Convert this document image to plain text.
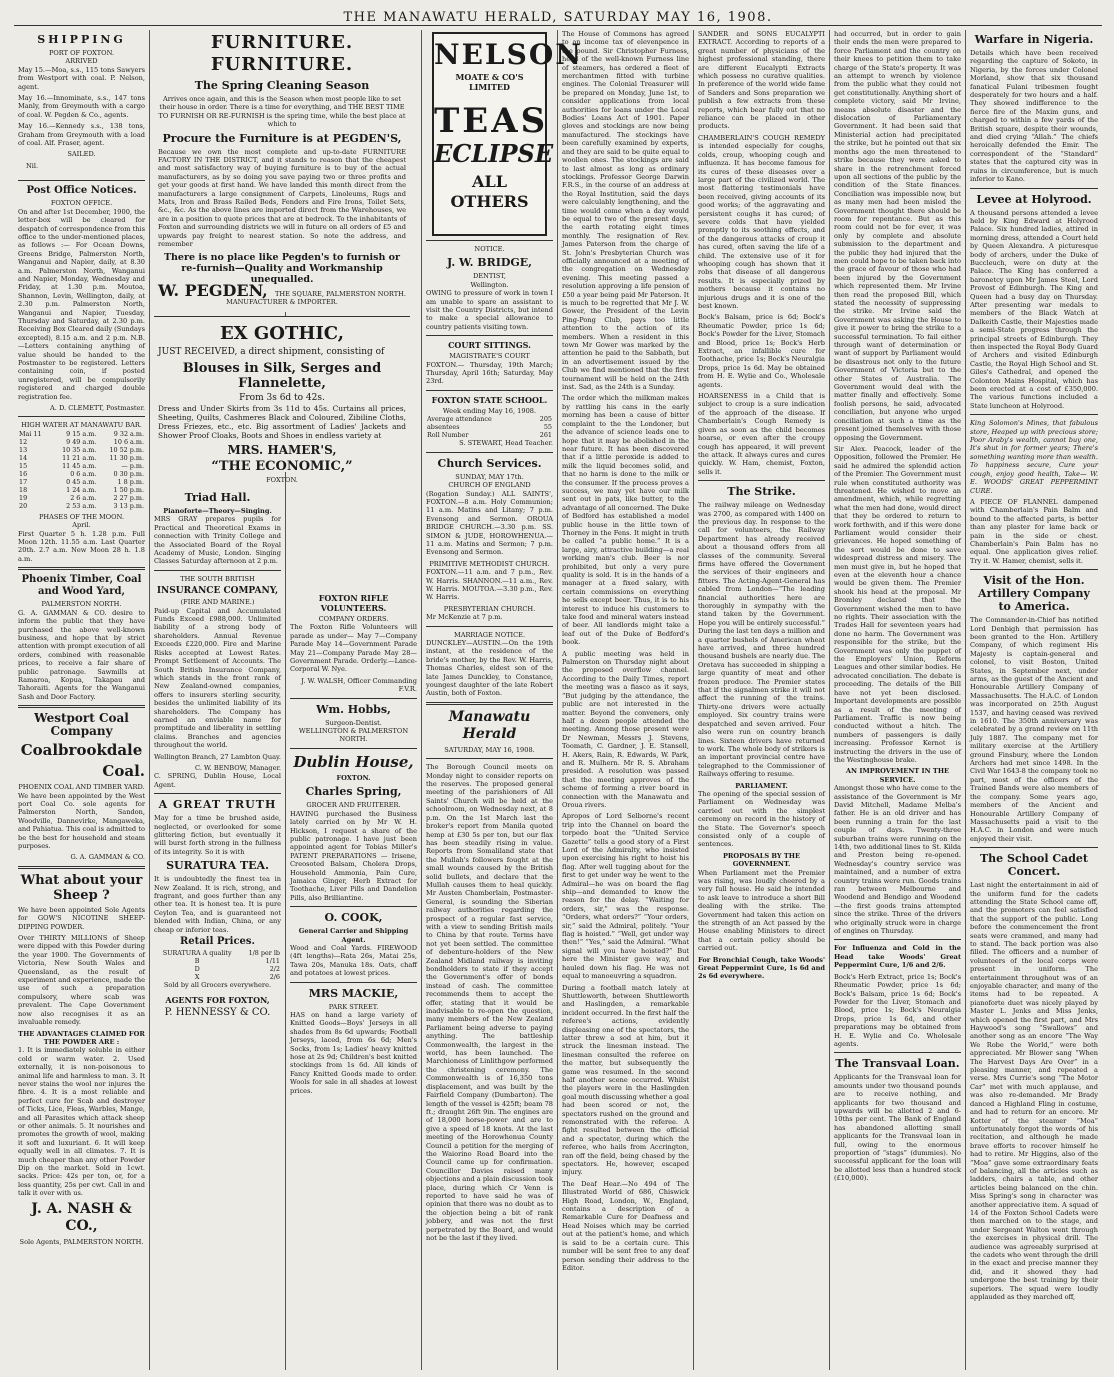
THE MANAWATU HERALD, SATURDAY MAY 16, 1908.
SHIPPING
PORT OF FOXTON.
ARRIVED

May 15.—Moa, s.s., 115 tons Sawyers from Westport with coal. P. Nelson, agent.

May 16.—Innominate, s.s., 147 tons Manly, from Greymouth with a cargo of coal. W. Pegden & Co., agents.

May 16.—Kennedy s.s., 138 tons, Graham from Greymouth with a load of coal. Alf. Fraser, agent.

SAILED.
Nil.
Post Office Notices.
FOXTON OFFICE.

On and after 1st December, 1900, the letter-box will be cleared for despatch of correspondence from this office to the under-mentioned places, as follows :— For Ocean Downs, Greens Bridge, Palmerston North, Wanganui and Napier, daily, at 8.30 a.m. Palmerston North, Wanganui and Napier, Monday, Wednesday and Friday, at 1.30 p.m. Moutoa, Shannon, Levin, Wellington, daily, at 2.30 p.m. Palmerston North, Wanganui and Napier, Tuesday, Thursday and Saturday, at 2.30 p.m. Receiving Box Cleared daily (Sundays excepted), 8.15 a.m. and 2 p.m. N.B.—Letters containing anything of value should be handed to the Postmaster to be registered. Letters containing coin, if posted unregistered, will be compulsorily registered and charged double registration fee.

A. D. CLEMETT, Postmaster.
HIGH WATER AT MANAWATU BAR.
Mai 11	9 15 a.m.	9 32 a.m.
12	9 49 a.m.	10 6 a.m.
13	10 35 a.m.	10 52 p.m.
14	11 21 a.m.	11 30 p.m.
15	11 45 a.m.	— p.m.
16	0 6 a.m.	0 30 p.m.
17	0 45 a.m.	1 8 p.m.
18	1 24 a.m.	1 50 p.m.
19	2 6 a.m.	2 27 p.m.
20	2 53 a.m.	3 13 p.m.
PHASES OF THE MOON.
April.

First Quarter 5 h. 1.28 p.m. Full Moon 12th. 11.55 a.m. Last Quarter 20th. 2.7 a.m. New Moon 28 h. 1.8 a.m.

Phoenix Timber, Coal and Wood Yard,
PALMERSTON NORTH.

G. A. GAMMAN & CO. desire to inform the public that they have purchased the above well-known business, and hope that by strict attention with prompt execution of all orders, combined with reasonable prices, to receive a fair share of public patronage. Sawmills at Ramaroa, Kopua, Takapau and Tahoraiti. Agents for the Wanganui Sash and Door Factory.

Westport Coal Company
Coalbrookdale
Coal.
PHOENIX COAL AND TIMBER YARD.

We have been appointed by the West port Coal Co. sole agents for Palmerston North, Sandon, Woodville, Dannevirke, Mangaweka, and Pahiatua. This coal is admitted to be the best for household and steam purposes.

G. A. GAMMAN & CO.
What about your Sheep ?

We have been appointed Sole Agents for GOW'S NICOTINE SHEEP-DIPPING POWDER.

Over THIRTY MILLIONS of Sheep were dipped with this Powder during the year 1900. The Governments of Victoria, New South Wales and Queensland, as the result of experiment and experience, made the use of such a preparation compulsory, where scab was prevalent. The Cape Government now also recognises it as an invaluable remedy.

THE ADVANTAGES CLAIMED FOR THE POWDER ARE :

1. It is immediately soluble in either cold or warm water. 2. Used externally, it is non-poisonous to animal life and harmless to man. 3. It never stains the wool nor injures the fibre. 4. It is a most reliable and perfect cure for Scab and destroyer of Ticks, Lice, Fleas, Warbles, Mange, and all Parasites which attack sheep or other animals. 5. It nourishes and promotes the growth of wool, making it soft and luxuriant. 6. It will keep equally well in all climates. 7. It is much cheaper than any other Powder Dip on the market. Sold in 1cwt. sacks. Price: 42s per ton, or, for a less quantity, 25s per cwt. Call in and talk it over with us.

J. A. NASH & CO.,
Sole Agents, PALMERSTON NORTH.
Triad Hall.
Pianoforte—Theory—Singing.

MRS GRAY prepares pupils for Practical and Theoretical Exams in connection with Trinity College and the Associated Board of the Royal Academy of Music, London. Singing Classes Saturday afternoon at 2 p.m.

THE SOUTH BRITISH
INSURANCE COMPANY,
(FIRE AND MARINE.)

Paid-up Capital and Accumulated Funds Exceed £988,000. Unlimited liability of a strong body of shareholders. Annual Revenue Exceeds £220,000. Fire and Marine Risks accepted at Lowest Rates. Prompt Settlement of Accounts. The South British Insurance Company, which stands in the front rank of New Zealand-owned companies, offers to insurers sterling security, besides the unlimited liability of its shareholders. The Company has earned an enviable name for promptitude and liberality in settling claims. Branches and agencies throughout the world.

Wellington Branch, 27 Lambton Quay.

C. W. BENBOW, Manager.

C. SPRING, Dublin House, Local Agent.

A GREAT TRUTH

May for a time be brushed aside, neglected, or overlooked for some glittering fiction, but eventually it will burst forth strong in the fullness of its integrity. So it is with

SURATURA TEA.

It is undoubtedly the finest tea in New Zealand. It is rich, strong, and fragrant, and goes further than any other tea. It is honest tea. It is pure Ceylon Tea, and is guaranteed not blended with Indian, China, or any cheap or inferior teas.

Retail Prices.
SURATURA A quality	1/8 per lb
B	1/11
D	2/2
X	2/6
Sold by all Grocers everywhere.
AGENTS FOR FOXTON,
P. HENNESSY & CO.
FOXTON RIFLE VOLUNTEERS.
COMPANY ORDERS.

The Foxton Rifle Volunteers will parade as under— May 7—Company Parade May 14—Government Parade May 21—Company Parade May 28—Government Parade. Orderly.—Lance-Corporal W. Nye.

J. W. WALSH, Officer Commanding F.V.R.
Wm. Hobbs,
Surgeon-Dentist.
WELLINGTON & PALMERSTON NORTH.
Dublin House,
FOXTON.
Charles Spring,
GROCER AND FRUITERER.

HAVING purchased the Business lately carried on by Mr W. H. Hickson, I request a share of the public patronage. I have just been appointed agent for Tobias Miller's PATENT PREPARATIONS — Irisene, Creosoted Balsam, Cholera Drops, Household Ammonia, Pain Cure, Jamaica Ginger, Herb Extract for Toothache, Liver Pills and Dandelion Pills, also Brilliantine.

O. COOK,
General Carrier and Shipping Agent.

Wood and Coal Yards. FIREWOOD (4ft lengths)—Rata 26s, Matai 25s, Tawa 20s, Manuka 18s. Oats, chaff and potatoes at lowest prices.

MRS MACKIE,
PARK STREET.

HAS on hand a large variety of Knitted Goods—Boys' Jerseys in all shades from 8s 6d upwards; Football Jerseys, laced, from 6s 6d; Men's Socks, from 1s; Ladies' heavy knitted hose at 2s 9d; Children's best knitted stockings from 1s 6d. All kinds of Fancy Knitted Goods made to order. Wools for sale in all shades at lowest prices.

NELSON
MOATE & CO'S LIMITED
TEAS
ECLIPSE
ALL OTHERS
NOTICE.
J. W. BRIDGE,
DENTIST,
Wellington.

OWING to pressure of work in town I am unable to spare an assistant to visit the Country Districts, but intend to make a special allowance to country patients visiting town.

COURT SITTINGS.
MAGISTRATE'S COURT

FOXTON.— Thursday, 19th March; Thursday, April 16th; Saturday, May 23rd.

FOXTON STATE SCHOOL.
Week ending May 16, 1908.
Average attendance	205
absentees	55
Roll Number	261
S. STEWART, Head Teacher.
Church Services.
SUNDAY, MAY 17th.
CHURCH OF ENGLAND

(Rogation Sunday.) ALL SAINTS', FOXTON.—8 a.m. Holy Communion; 11 a.m. Matins and Litany; 7 p.m. Evensong and Sermon. OROUA BRIDGE CHURCH.—3.30 p.m. SS. SIMON & JUDE, HOROWHENUA.—11 a.m. Matins and Sermon; 7 p.m. Evensong and Sermon.

PRIMITIVE METHODIST CHURCH.

FOXTON.—11 a.m. and 7 p.m., Rev. W. Harris. SHANNON.—11 a.m., Rev. W. Harris. MOUTOA.—3.30 p.m., Rev. W. Harris.

PRESBYTERIAN CHURCH.

Mr McKenzie at 7 p.m.

MARRIAGE NOTICE.

DUNCKLEY—AUSTIN.—On the 19th instant, at the residence of the bride's mother, by the Rev. W. Harris, Thomas Charles, eldest son of the late James Dunckley, to Constance, youngest daughter of the late Robert Austin, both of Foxton.

Manawatu Herald
SATURDAY, MAY 16, 1908.

The Borough Council meets on Monday night to consider reports on the reserves. The proposed general meeting of the parishioners of All Saints' Church will be held at the schoolroom, on Wednesday next, at 8 p.m. On the 1st March last the broker's report from Manila quoted hemp at £30 5s per ton, but our flax has been steadily rising in value. Reports from Somaliland state that the Mullah's followers fought at the small wounds caused by the British solid bullets, and declare that the Mullah causes them to heal quickly. Mr Austen Chamberlain, Postmaster-General, is sounding the Siberian railway authorities regarding the prospect of a regular fast service, with a view to sending British mails to China by that route. Terms have not yet been settled. The committee of debenture-holders of the New Zealand Midland railway is inviting bondholders to state if they accept the Government's offer of bonds instead of cash. The committee recommends them to accept the offer, stating that it would be inadvisable to re-open the question, many members of the New Zealand Parliament being adverse to paying anything. The battleship Commonwealth, the largest in the world, has been launched. The Marchioness of Linlithgow performed the christening ceremony. The Commonwealth is of 16,350 tons displacement, and was built by the Fairfield Company (Dumbarton). The length of the vessel is 425ft; beam 78 ft.; draught 26ft 9in. The engines are of 18,000 horse-power and are to give a speed of 18 knots. At the last meeting of the Horowhenua County Council a petition for the merging of the Waiorino Road Board into the Council came up for confirmation. Councillor Davies raised many objections and a plain discussion took place, during which Cr Venn is reported to have said he was of opinion that there was no doubt as to the objection being a bit of rank jobbery, and was not the first perpetrated by the Board, and would not be the last if they lived.

The House of Commons has agreed to an income tax of elevenpence in the pound. Sir Christopher Furness, head of the well-known Furness line of steamers, has ordered a fleet of merchantmen fitted with turbine engines. The Colonial Treasurer will be prepared on Monday, June 1st, to consider applications from local authorities for loans under the Local Bodies' Loans Act of 1901. Paper gloves and stockings are now being manufactured. The stockings have been carefully examined by experts, and they are said to be quite equal to woollen ones. The stockings are said to last almost as long as ordinary stockings. Professor George Darwin F.R.S., in the course of an address at the Royal Institution, said the days were calculably lengthening, and the time would come when a day would be equal to two of the present days, the earth rotating eight times monthly. The resignation of Rev. James Paterson from the charge of St. John's Presbyterian Church was officially announced at a meeting of the congregation on Wednesday evening. This meeting passed a resolution approving a life pension of £50 a year being paid Mr Paterson. It is much to be regretted that Mr J. W. Gower, the President of the Levin Ping-Pong Club, pays too little attention to the action of its members. When a resident in this town Mr Gower was marked by the attention he paid to the Sabbath, but in an advertisement issued by the Club we find mentioned that the first tournament will be held on the 24th inst. Sad, as the 24th is a Sunday.

The order which the milkman makes by rattling his cans in the early morning has been a cause of bitter complaint to the the Londoner, but the advance of science leads one to hope that it may be abolished in the near future. It has been discovered that if a little peroxide is added to milk the liquid becomes solid, and that no harm is done to the milk or the consumer. If the process proves a success, we may yet have our milk sent out in pats, like butter, to the advantage of all concerned. The Duke of Bedford has established a model public house in the little town of Thorney in the Fens. It might in truth be called “a public home.” It is a large, airy, attractive building—a real working man's club. Beer is nor prohibited, but only a very pure quality is sold. It is in the hands of a manager at a fixed salary, with certain commissions on everything he sells except beer. Thus, it is to his interest to induce his customers to take food and mineral waters instead of beer. All landlords might take a leaf out of the Duke of Bedford's book.

A public meeting was held in Palmerston on Thursday night about the proposed overflow channel. According to the Daily Times, report the meeting was a fiasco as it says, “But judging by the attendance, the public are not interested in the matter. Beyond the conveners, only half a dozen people attended the meeting. Among those present were Dr Newman, Messrs J. Stevens, Toomath, C. Gardner, J. E. Stansell, H. Akers, Rain, R. Edwards, W. Park, and R. Mulhern. Mr R. S. Abraham presided. A resolution was passed that the meeting approves of the scheme of forming a river board in connection with the Manawatu and Oroua rivers.

Apropos of Lord Selborne's recent trip into the Channel on board the torpedo boat the “United Service Gazette” tells a good story of a First Lord of the Admiralty, who insisted upon exercising his right to hoist his flag. After well tugging about for the first to get under way he went to the Admiral—he was on board the flag ship—and demanded to know the reason for the delay. “Waiting for orders, sir,” was the response. “Orders, what orders?” “Your orders, sir,” said the Admiral, politely. “Your flag is hoisted.” “Well, get under way then!” “Yes,” said the Admiral. “What signal will you have hoisted?” But here the Minister gave way, and hauled down his flag. He was not equal to manoeuvring a squadron.

During a football match lately at Shuttleworth, between Shuttleworth and Haslingden, a remarkable incident occurred. In the first half the referee's actions, evidently displeasing one of the spectators, the latter threw a sod at him, but it struck the linesman instead. The linesman consulted the referee on the matter, but subsequently the game was resumed. In the second half another scene occurred. Whilst the players were in the Haslingden goal mouth discussing whether a goal had been scored or not, the spectators rushed on the ground and remonstrated with the referee. A fight resulted between the official and a spectator, during which the referee, who hails from Accrington, ran off the field, being chased by the spectators. He, however, escaped injury.

The Deaf Hear.—No 494 of The Illustrated World of 686, Chiswick High Road, London, W., England, contains a description of a Remarkable Cure for Deafness and Head Noises which may be carried out at the patient's home, and which is said to be a certain cure. This number will be sent free to any deaf person sending their address to the Editor.

SANDER and SONS EUCALYPTI EXTRACT. According to reports of a great number of physicians of the highest professional standing, there are different Eucalypti Extracts which possess no curative qualities. In preference of the world wide fame of Sanders and Sons preparation we publish a few extracts from these reports, which bear fully out that no reliance can be placed in other products.

CHAMBERLAIN'S COUGH REMEDY is intended especially for coughs, colds, croup, whooping cough and influenza. It has become famous for its cures of these diseases over a large part of the civilized world. The most flattering testimonials have been received, giving accounts of its good works; of the aggravating and persistent coughs it has cured; of severe colds that have yielded promptly to its soothing effects, and of the dangerous attacks of croup it has cured, often saving the life of a child. The extensive use of it for whooping cough has shown that it robs that disease of all dangerous results. It is especially prized by mothers because it contains no injurious drugs and it is one of the best known.

Bock's Balsam, price is 6d; Bock's Rheumatic Powder, price 1s 6d; Bock's Powder for the Liver, Stomach and Blood, price 1s; Bock's Herb Extract, an infallible cure for Toothache, price 1s; Bock's Neuralgia Drops, price 1s 6d. May be obtained from H. E. Wylie and Co., Wholesale agents.

HOARSENESS in a Child that is subject to croup is a sure indication of the approach of the disease. If Chamberlain's Cough Remedy is given as soon as the child becomes hoarse, or even after the croupy cough has appeared, it will prevent the attack. It always cures and cures quickly. W. Ham, chemist, Foxton, sells it.

The Strike.

The railway mileage on Wednesday was 2700, as compared with 1400 on the previous day. In response to the call for volunteers, the Railway Department has already received about a thousand offers from all classes of the community. Several firms have offered the Government the services of their engineers and fitters. The Acting-Agent-General has cabled from London—“The leading financial authorities here are thoroughly in sympathy with the stand taken by the Government. Hope you will be entirely successful.” During the last ten days a million and a quarter bushels of American wheat have arrived, and three hundred thousand bushels are nearly due. The Oretava has succeeded in shipping a large quantity of meat and other frozen produce. The Premier states that if the signalmen strike it will not affect the running of the trains. Thirty-one drivers were actually employed. Six country trains were despatched and seven arrived. Four also were run on country branch lines. Sixteen drivers have returned to work. The whole body of strikers is an important provincial centre have telegraphed to the Commissioner of Railways offering to resume.

PARLIAMENT.

The opening of the special session of Parliament on Wednesday was carried out with the simplest ceremony on record in the history of the State. The Governor's speech consisted only of a couple of sentences.

PROPOSALS BY THE GOVERNMENT.

When Parliament met the Premier was rising, was loudly cheered by a very full house. He said he intended to ask leave to introduce a short Bill dealing with the strike. The Government had taken this action on the strength of an Act passed by the House enabling Ministers to direct that a certain policy should be carried out.

For Bronchial Cough, take Woods' Great Peppermint Cure, 1s 6d and 2s 6d everywhere.

had occurred, but in order to gain their ends the men were prepared to force Parliament and the country on their knees to petition them to take charge of the State's property. It was an attempt to wrench by violence from the public what they could not get constitutionally. Anything short of complete victory, said Mr Irvine, means absolute disaster and the dislocation of Parliamentary Government. It had been said that Ministerial action had precipitated the strike, but he pointed out that six months ago the men threatened to strike because they were asked to share in the retrenchment forced upon all sections of the public by the condition of the State finances. Conciliation was impossible now, but as many men had been misled the Government thought there should be room for repentance. But as this room could not be for ever, it was only by complete and absolute submission to the department and the public they had injured that the men could hope to be taken back into the grace of favour of those who had been injured by the Government which represented them. Mr Irvine then read the proposed Bill, which stated the necessity of suppressing the strike. Mr Irvine said the Government was asking the House to give it power to bring the strike to a successful termination. To fail either through want of determination or want of support by Parliament would be disastrous not only to the future Government of Victoria but to the other States of Australia. The Government would deal with the matter finally and effectively. Some foolish persons, he said, advocated conciliation, but anyone who urged conciliation at such a time as the present joined themselves with those opposing the Government.

Sir Alex. Peacock, leader of the Opposition, followed the Premier. He said he admired the splendid action of the Premier. The Government must rule when constituted authority was threatened. He wished to move an amendment, which, while regretting what the men had done, would direct that they be ordered to return to work forthwith, and if this were done Parliament would consider their grievances. He hoped something of the sort would be done to save widespread distress and misery. The men must give in, but he hoped that even at the eleventh hour a chance would be given them. The Premier shook his head at the proposal. Mr Bromley declared that the Government wished the men to have no rights. Their association with the Trades Hall for seventeen years had done no harm. The Government was responsible for the strike, but the Government was only the puppet of the Employers' Union, Reform Leagues and other similar bodies. He advocated conciliation. The debate is proceeding. The details of the Bill have not yet been disclosed. Important developments are possible as a result of the meeting of Parliament. Traffic is now being conducted without a hitch. The numbers of passengers is daily increasing. Professor Kernot is instructing the drivers in the use of the Westinghouse brake.

AN IMPROVEMENT IN THE SERVICE.

Amongst those who have come to the assistance of the Government is Mr David Mitchell, Madame Melba's father. He is an old driver and has been running a train for the last couple of days. Twenty-three suburban trains were running on the 14th, two additional lines to St. Kilda and Preston being re-opened. Wednesday's country service was maintained, and a number of extra country trains were run. Goods trains ran between Melbourne and Woodend and Bendigo and Woodend—the first goods trains attempted since the strike. Three of the drivers who originally struck were in charge of engines on Thursday.

For Influenza and Cold in the Head take Woods' Great Peppermint Cure, 1/6 and 2/6.

Bock's Herb Extract, price 1s; Bock's Rheumatic Powder, price 1s 6d; Bock's Balsam, price 1s 6d; Bock's Powder for the Liver, Stomach and Blood, price 1s; Bock's Neuralgia Drops, price 1s 6d, and other preparations may be obtained from H. E. Wylie and Co. Wholesale agents.

The Transvaal Loan.

Applicants for the Transvaal loan for amounts under two thousand pounds are to receive nothing, and applicants for two thousand and upwards will be allotted 2 and 6-10ths per cent. The Bank of England has abandoned allotting small applicants for the Transvaal loan in full, owing to the enormous proportion of “stags” (dummies). No successful applicant for the loan will be allotted less than a hundred stock (£10,000).

Warfare in Nigeria.

Details which have been received regarding the capture of Sokoto, in Nigeria, by the forces under Colonel Morland, show that six thousand fanatical Fulani tribesmen fought desperately for two hours and a half. They showed indifference to the fierce fire of the Maxim guns, and charged to within a few yards of the British square, despite their wounds, and died crying “Allah.” The chiefs heroically defended the Emir. The correspondent of the “Standard” states that the captured city was in ruins in circumference, but is much inferior to Kano.

Levee at Holyrood.

A thousand persons attended a levee held by King Edward at Holyrood Palace. Six hundred ladies, attired in morning dress, attended a Court held by Queen Alexandra. A picturesque body of archers, under the Duke of Buccleuch, were on duty at the Palace. The King has conferred a baronetcy upon Mr James Steel, Lord Provost of Edinburgh. The King and Queen had a busy day on Thursday. After presenting war medals to members of the Black Watch at Dalkeith Castle, their Majesties made a semi-State progress through the principal streets of Edinburgh. They then inspected the Royal Body Guard of Archers and visited Edinburgh Castle, the Royal High School and St. Giles's Cathedral, and opened the Colonton Mains Hospital, which has been erected at a cost of £350,000. The various functions included a State luncheon at Holyrood.

King Solomon's Mines, that fabulous store, Heaped up with precious store; Poor Araby's wealth, cannot buy one, It's shut in for former years; There's something wanting more than wealth. To happiness secure, Cure your cough, enjoy good health, Take— W. E. WOODS' GREAT PEPPERMINT CURE.

A PIECE OF FLANNEL dampened with Chamberlain's Pain Balm and bound to the affected parts, is better than any plaster for lame back or pain in the side or chest. Chamberlain's Pain Balm has no equal. One application gives relief. Try it. W. Hamer, chemist, sells it.

Visit of the Hon. Artillery Company to America.

The Commander-in-Chief has notified Lord Denbigh that permission has been granted to the Hon. Artillery Company, of which regiment His Majesty is captain-general and colonel, to visit Boston, United States, in September next, under arms, as the guest of the Ancient and Honourable Artillery Company of Massachusetts. The H.A.C. of London was incorporated on 25th August 1537, and having ceased was revived in 1610. The 350th anniversary was celebrated by a grand review on 11th July 1887. The company met for military exercise at the Artillery ground Finsbury, where the London Archers had met since 1498. In the Civil War 1643-8 the company took no part, most of the officers of the Trained Bands were also members of the company. Some years ago, members of the Ancient and Honourable Artillery Company of Massachusetts paid a visit to the H.A.C. in London and were much enjoyed their visit.

The School Cadet Concert.

Last night the entertainment in aid of the uniform fund for the cadets attending the State School came off, and the promoters can feel satisfied that the support of the public. Long before the commencement the front seats were crammed, and many had to stand. The back portion was also filled. The officers and a number of volunteers of the local corps were present in uniform. The entertainment throughout was of an enjoyable character, and many of the items had to be repeated. A pianoforte duet was nicely played by Master L. Jenks and Miss Jenks, which opened the first part, and Mrs Haywood's song “Swallows” and another song as an encore “The Way We Robe the World,” were both appreciated. Mr Blower sang “When The Harvest Days Are Over” in a pleasing manner, and repeated a verse. Mrs Currie's song “The Motor Car” met with much applause, and was also re-demanded. Mr Brady danced a Highland Fling in costume, and had to return for an encore. Mr Kotter of the steamer “Moa” unfortunately forgot the words of his recitation, and although he made brave efforts to recover himself he had to retire. Mr Higgins, also of the “Moa” gave some extraordinary feats of balancing, all the articles such as ladders, chairs a table, and other articles being balanced on the chin. Miss Spring's song in character was another appreciative item. A squad of 14 of the Foxton School Cadets were then marched on to the stage, and under Sergeant Walton went through the exercises in physical drill. The audience was agreeably surprised at the cadets who went through the drill in the exact and precise manner they did, and it showed they had undergone the best training by their superiors. The squad were loudly applauded as they marched off,

FURNITURE. FURNITURE.
The Spring Cleaning Season

Arrives once again, and this is the Season when most people like to set their house in order. There is a time for everything, and THE BEST TIME TO FURNISH OR RE-FURNISH is the spring time, while the best place at which to

Procure the Furniture is at PEGDEN'S,

Because we own the most complete and up-to-date FURNITURE FACTORY IN THE DISTRICT, and it stands to reason that the cheapest and most satisfactory way of buying furniture is to buy of the actual manufacturers, as by so doing you save paying two or three profits and get your goods at first hand. We have landed this month direct from the manufacturers a large consignment of Carpets, Linoleums, Rugs and Mats, Iron and Brass Railed Beds, Fenders and Fire Irons, Toilet Sets, &c., &c. As the above lines are imported direct from the Warehouses, we are in a position to quote prices that are at bedrock. To the inhabitants of Foxton and surrounding districts we will in future on all orders of £5 and upwards pay freight to nearest station. So note the address, and remember

There is no place like Pegden's to furnish or re-furnish—Quality and Workmanship unequalled.
W. PEGDEN, THE SQUARE, PALMERSTON NORTH.
MANUFACTURER & IMPORTER.
EX GOTHIC,

JUST RECEIVED, a direct shipment, consisting of

Blouses in Silk, Serges and Flannelette,
From 3s 6d to 42s.

Dress and Under Skirts from 3s 11d to 45s. Curtains all prices, Sheeting, Quilts, Cashmeres Black and Coloured, Zibiline Cloths, Dress Friezes, etc., etc. Big assortment of Ladies' Jackets and Shower Proof Cloaks, Boots and Shoes in endless variety at

MRS. HAMER'S,
“THE ECONOMIC,”
FOXTON.
